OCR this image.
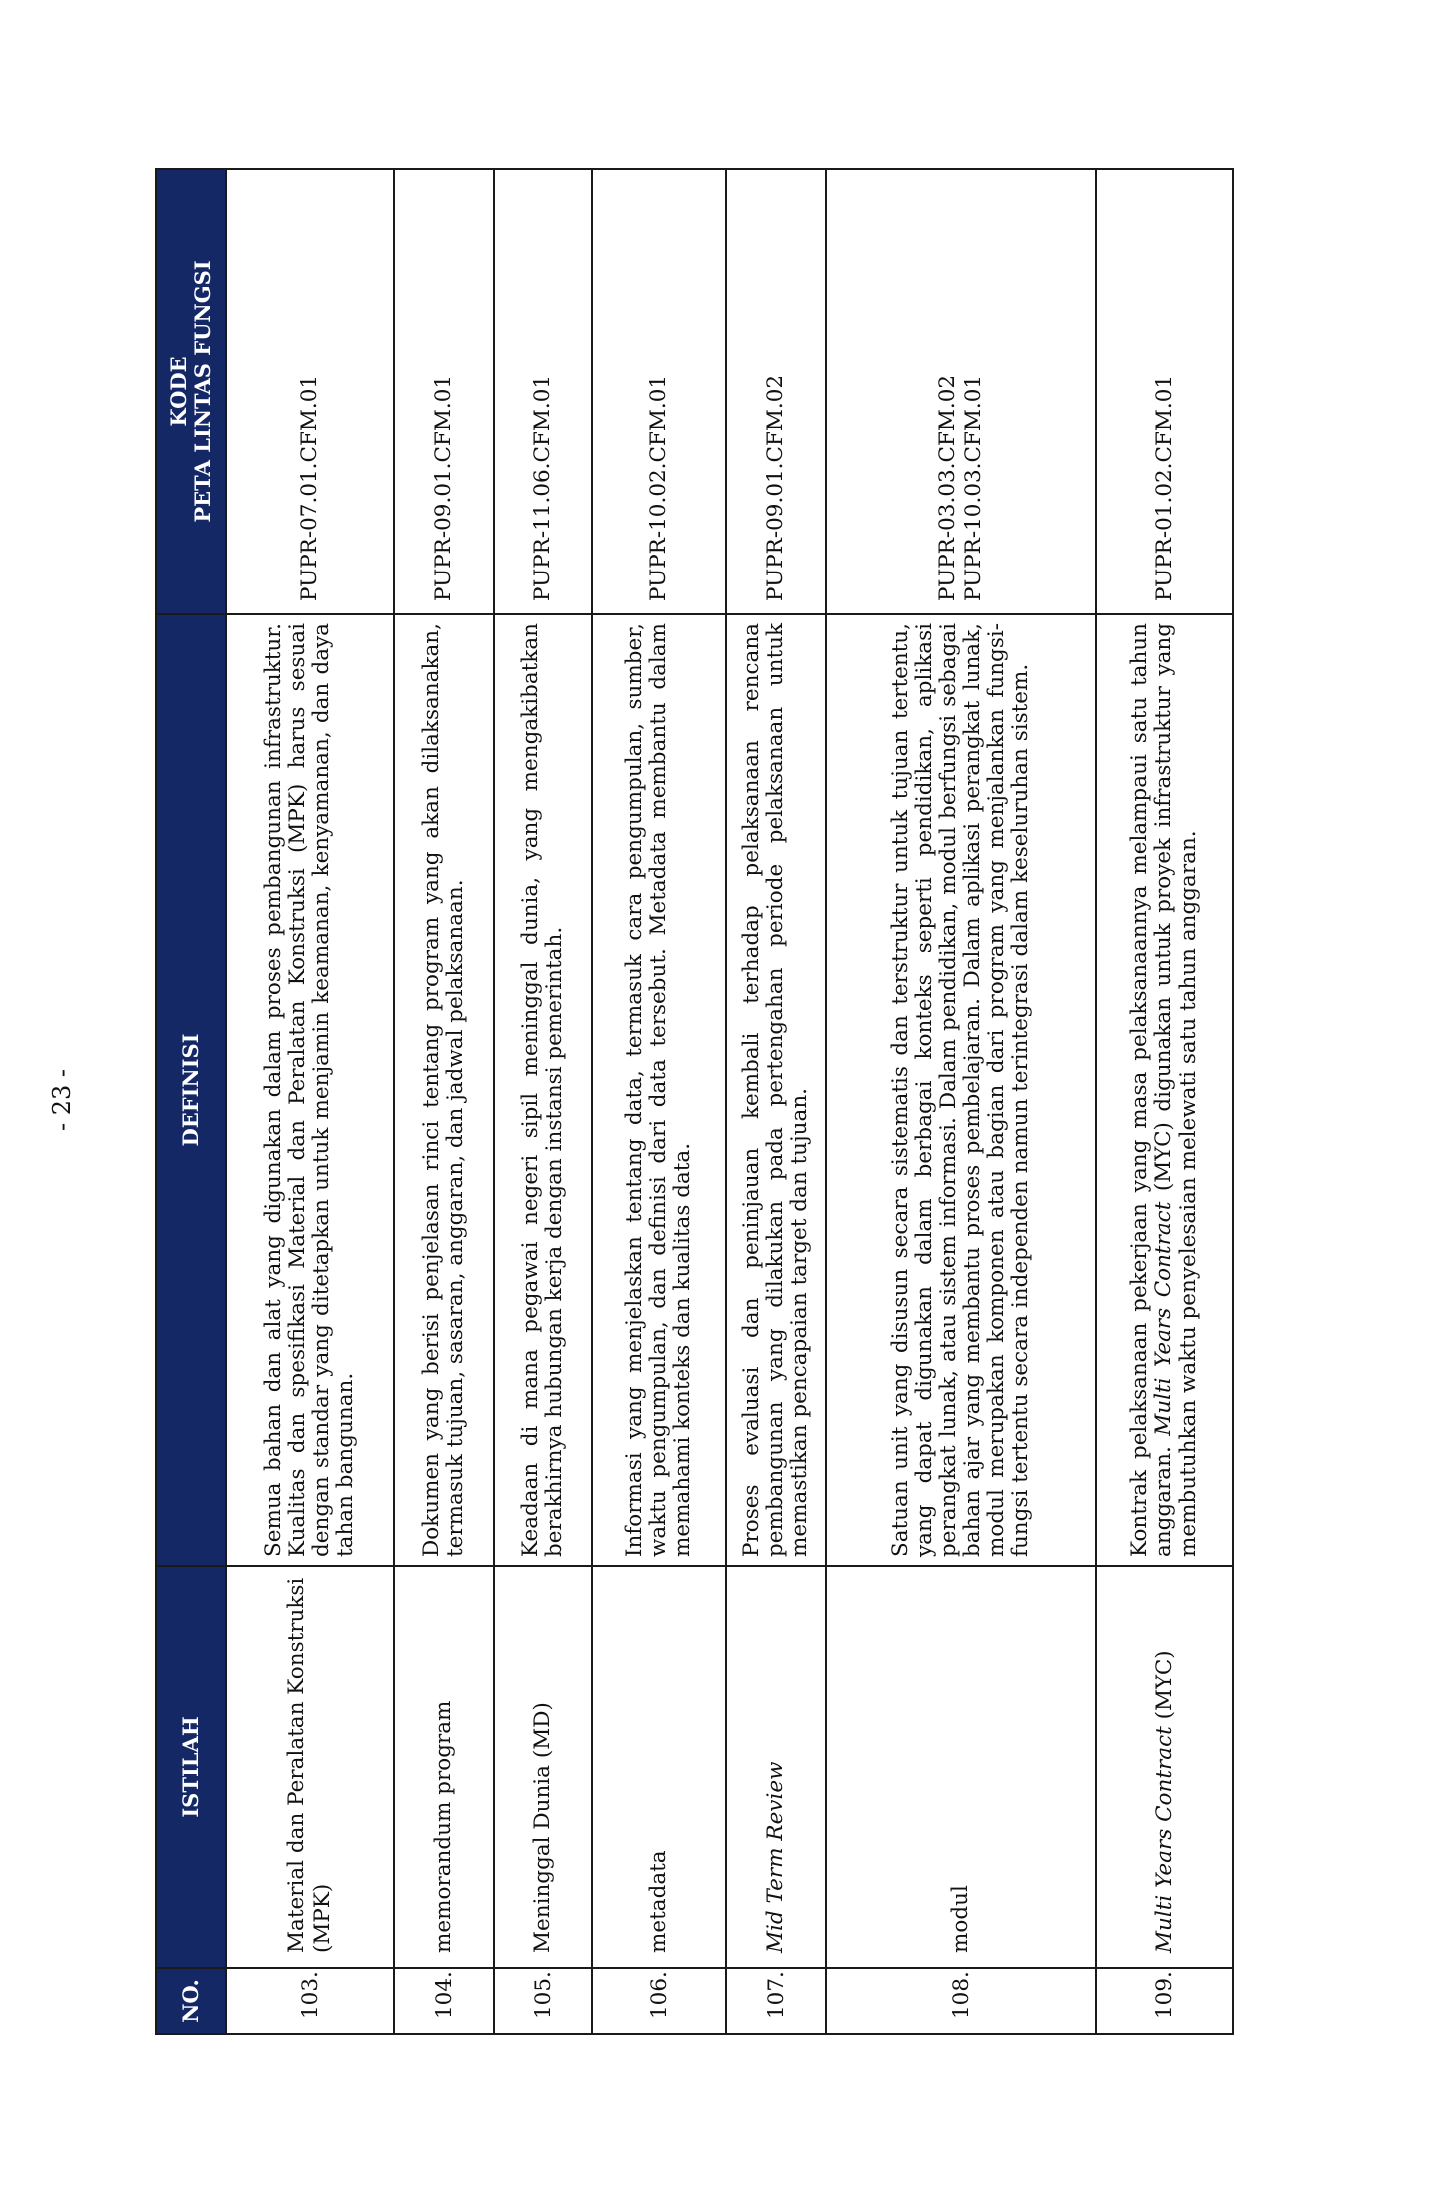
- 23 -
NO.	ISTILAH	DEFINISI	KODE PETA LINTAS FUNGSI

103.	Material dan Peralatan Konstruksi (MPK)	Semua bahan dan alat yang digunakan dalam proses pembangunan infrastruktur. Kualitas dan spesifikasi Material dan Peralatan Konstruksi (MPK) harus sesuai dengan standar yang ditetapkan untuk menjamin keamanan, kenyamanan, dan daya tahan bangunan.	PUPR-07.01.CFM.01

104.	memorandum program	Dokumen yang berisi penjelasan rinci tentang program yang akan dilaksanakan, termasuk tujuan, sasaran, anggaran, dan jadwal pelaksanaan.	PUPR-09.01.CFM.01

105.	Meninggal Dunia (MD)	Keadaan di mana pegawai negeri sipil meninggal dunia, yang mengakibatkan berakhirnya hubungan kerja dengan instansi pemerintah.	PUPR-11.06.CFM.01

106.	metadata	Informasi yang menjelaskan tentang data, termasuk cara pengumpulan, sumber, waktu pengumpulan, dan definisi dari data tersebut. Metadata membantu dalam memahami konteks dan kualitas data.	PUPR-10.02.CFM.01

107.	Mid Term Review	Proses evaluasi dan peninjauan kembali terhadap pelaksanaan rencana pembangunan yang dilakukan pada pertengahan periode pelaksanaan untuk memastikan pencapaian target dan tujuan.	PUPR-09.01.CFM.02

108.	modul	Satuan unit yang disusun secara sistematis dan terstruktur untuk tujuan tertentu, yang dapat digunakan dalam berbagai konteks seperti pendidikan, aplikasi perangkat lunak, atau sistem informasi. Dalam pendidikan, modul berfungsi sebagai bahan ajar yang membantu proses pembelajaran. Dalam aplikasi perangkat lunak, modul merupakan komponen atau bagian dari program yang menjalankan fungsi-fungsi tertentu secara independen namun terintegrasi dalam keseluruhan sistem.	PUPR-03.03.CFM.02 PUPR-10.03.CFM.01

109.	Multi Years Contract (MYC)	Kontrak pelaksanaan pekerjaan yang masa pelaksanaannya melampaui satu tahun anggaran. Multi Years Contract (MYC) digunakan untuk proyek infrastruktur yang membutuhkan waktu penyelesaian melewati satu tahun anggaran.	PUPR-01.02.CFM.01
